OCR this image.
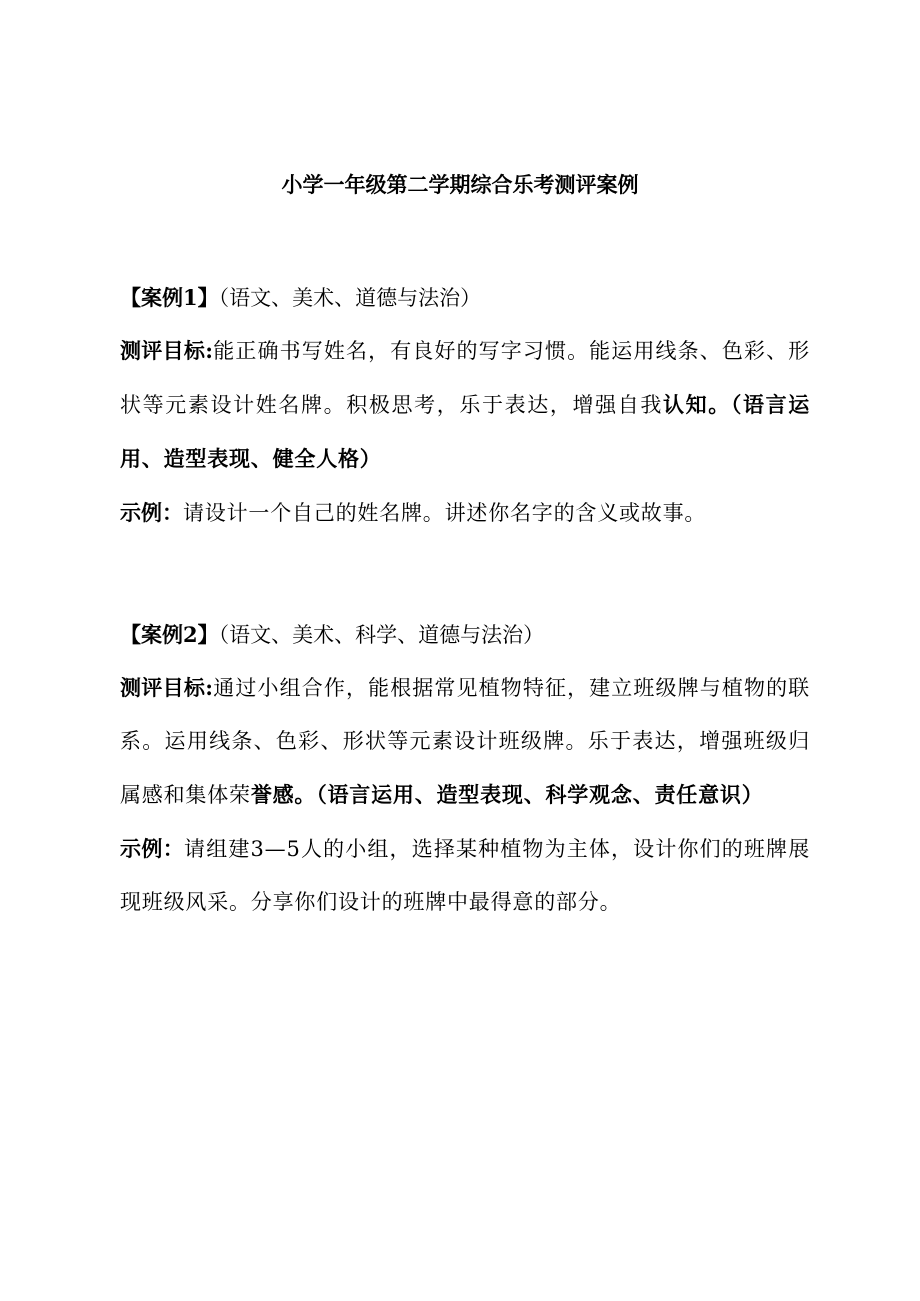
小学一年级第二学期综合乐考测评案例
【案例1】（语文、美术、道德与法治）

测评目标:能正确书写姓名，有良好的写字习惯。能运用线条、色彩、形状等元素设计姓名牌。积极思考，乐于表达，增强自我认知。（语言运用、造型表现、健全人格）

示例：请设计一个自己的姓名牌。讲述你名字的含义或故事。

【案例2】（语文、美术、科学、道德与法治）

测评目标:通过小组合作，能根据常见植物特征，建立班级牌与植物的联系。运用线条、色彩、形状等元素设计班级牌。乐于表达，增强班级归属感和集体荣誉感。（语言运用、造型表现、科学观念、责任意识）

示例：请组建3—5人的小组，选择某种植物为主体，设计你们的班牌展现班级风采。分享你们设计的班牌中最得意的部分。
